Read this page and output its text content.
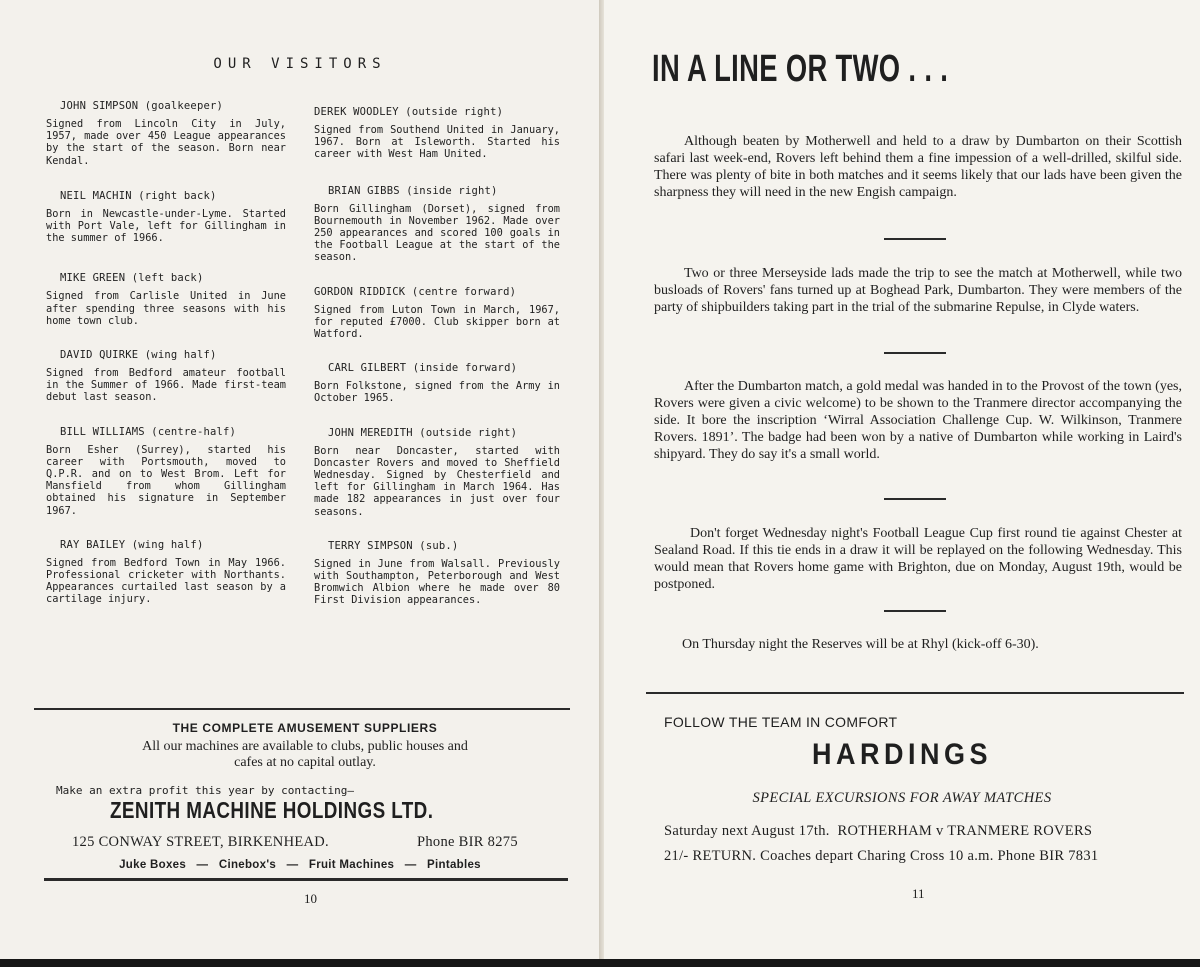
OUR VISITORS
JOHN SIMPSON (goalkeeper)

Signed from Lincoln City in July, 1957, made over 450 League appearances by the start of the season. Born near Kendal.

NEIL MACHIN (right back)

Born in Newcastle-under-Lyme. Started with Port Vale, left for Gillingham in the summer of 1966.

MIKE GREEN (left back)

Signed from Carlisle United in June after spending three seasons with his home town club.

DAVID QUIRKE (wing half)

Signed from Bedford amateur football in the Summer of 1966. Made first-team debut last season.

BILL WILLIAMS (centre-half)

Born Esher (Surrey), started his career with Portsmouth, moved to Q.P.R. and on to West Brom. Left for Mansfield from whom Gillingham obtained his signature in September 1967.

RAY BAILEY (wing half)

Signed from Bedford Town in May 1966. Professional cricketer with Northants. Appearances curtailed last season by a cartilage injury.

DEREK WOODLEY (outside right)

Signed from Southend United in January, 1967. Born at Isleworth. Started his career with West Ham United.

BRIAN GIBBS (inside right)

Born Gillingham (Dorset), signed from Bournemouth in November 1962. Made over 250 appearances and scored 100 goals in the Football League at the start of the season.

GORDON RIDDICK (centre forward)

Signed from Luton Town in March, 1967, for reputed £7000. Club skipper born at Watford.

CARL GILBERT (inside forward)

Born Folkstone, signed from the Army in October 1965.

JOHN MEREDITH (outside right)

Born near Doncaster, started with Doncaster Rovers and moved to Sheffield Wednesday. Signed by Chesterfield and left for Gillingham in March 1964. Has made 182 appearances in just over four seasons.

TERRY SIMPSON (sub.)

Signed in June from Walsall. Previously with Southampton, Peterborough and West Bromwich Albion where he made over 80 First Division appearances.

THE COMPLETE AMUSEMENT SUPPLIERS
All our machines are available to clubs, public houses and
cafes at no capital outlay.
Make an extra profit this year by contacting—
ZENITH MACHINE HOLDINGS LTD.
125 CONWAY STREET, BIRKENHEAD.	Phone BIR 8275
Juke Boxes — Cinebox's — Fruit Machines — Pintables
10
IN A LINE OR TWO . . .

Although beaten by Motherwell and held to a draw by Dumbarton on their Scottish safari last week-end, Rovers left behind them a fine impession of a well-drilled, skilful side. There was plenty of bite in both matches and it seems likely that our lads have been given the sharpness they will need in the new Engish campaign.

Two or three Merseyside lads made the trip to see the match at Motherwell, while two busloads of Rovers' fans turned up at Boghead Park, Dumbarton. They were members of the party of shipbuilders taking part in the trial of the submarine Repulse, in Clyde waters.

After the Dumbarton match, a gold medal was handed in to the Provost of the town (yes, Rovers were given a civic welcome) to be shown to the Tranmere director accompanying the side. It bore the inscription ‘Wirral Association Challenge Cup. W. Wilkinson, Tranmere Rovers. 1891’. The badge had been won by a native of Dumbarton while working in Laird's shipyard. They do say it's a small world.

Don't forget Wednesday night's Football League Cup first round tie against Chester at Sealand Road. If this tie ends in a draw it will be replayed on the following Wednesday. This would mean that Rovers home game with Brighton, due on Monday, August 19th, would be postponed.

On Thursday night the Reserves will be at Rhyl (kick-off 6-30).

FOLLOW THE TEAM IN COMFORT
HARDINGS
SPECIAL EXCURSIONS FOR AWAY MATCHES
Saturday next August 17th.  ROTHERHAM v TRANMERE ROVERS
21/- RETURN. Coaches depart Charing Cross 10 a.m. Phone BIR 7831
11
